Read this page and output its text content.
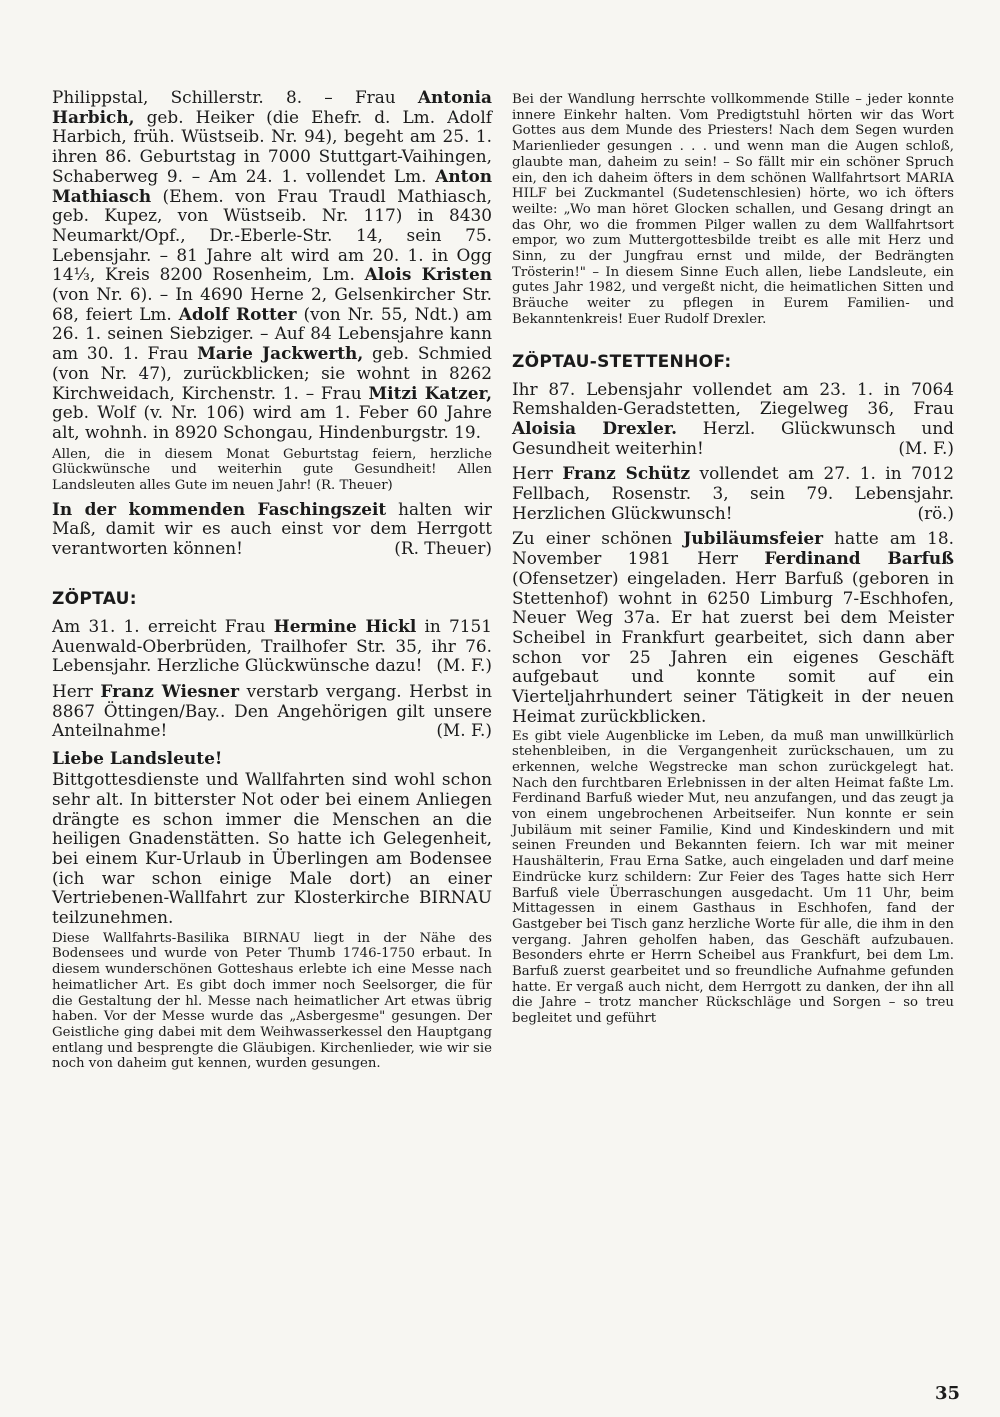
Philippstal, Schillerstr. 8. – Frau Antonia Harbich, geb. Heiker (die Ehefr. d. Lm. Adolf Harbich, früh. Wüstseib. Nr. 94), begeht am 25. 1. ihren 86. Geburtstag in 7000 Stuttgart-Vaihingen, Schaberweg 9. – Am 24. 1. vollendet Lm. Anton Mathiasch (Ehem. von Frau Traudl Mathiasch, geb. Kupez, von Wüstseib. Nr. 117) in 8430 Neumarkt/Opf., Dr.-Eberle-Str. 14, sein 75. Lebensjahr. – 81 Jahre alt wird am 20. 1. in Ogg 14⅓, Kreis 8200 Rosenheim, Lm. Alois Kristen (von Nr. 6). – In 4690 Herne 2, Gelsenkircher Str. 68, feiert Lm. Adolf Rotter (von Nr. 55, Ndt.) am 26. 1. seinen Siebziger. – Auf 84 Lebensjahre kann am 30. 1. Frau Marie Jackwerth, geb. Schmied (von Nr. 47), zurückblicken; sie wohnt in 8262 Kirchweidach, Kirchenstr. 1. – Frau Mitzi Katzer, geb. Wolf (v. Nr. 106) wird am 1. Feber 60 Jahre alt, wohnh. in 8920 Schongau, Hindenburgstr. 19.

Allen, die in diesem Monat Geburtstag feiern, herzliche Glückwünsche und weiterhin gute Gesundheit! Allen Landsleuten alles Gute im neuen Jahr! (R. Theuer)

In der kommenden Faschingszeit halten wir Maß, damit wir es auch einst vor dem Herrgott verantworten können!	(R. Theuer)

ZÖPTAU:

Am 31. 1. erreicht Frau Hermine Hickl in 7151 Auenwald-Oberbrüden, Trailhofer Str. 35, ihr 76. Lebensjahr. Herzliche Glückwünsche dazu! (M. F.)

Herr Franz Wiesner verstarb vergang. Herbst in 8867 Öttingen/Bay.. Den Angehörigen gilt unsere Anteilnahme!	(M. F.)

Liebe Landsleute!

Bittgottesdienste und Wallfahrten sind wohl schon sehr alt. In bitterster Not oder bei einem Anliegen drängte es schon immer die Menschen an die heiligen Gnadenstätten. So hatte ich Gelegenheit, bei einem Kur-Urlaub in Überlingen am Bodensee (ich war schon einige Male dort) an einer Vertriebenen-Wallfahrt zur Klosterkirche BIRNAU teilzunehmen.

Diese Wallfahrts-Basilika BIRNAU liegt in der Nähe des Bodensees und wurde von Peter Thumb 1746-1750 erbaut. In diesem wunderschönen Gotteshaus erlebte ich eine Messe nach heimatlicher Art. Es gibt doch immer noch Seelsorger, die für die Gestaltung der hl. Messe nach heimatlicher Art etwas übrig haben. Vor der Messe wurde das „Asbergesme" gesungen. Der Geistliche ging dabei mit dem Weihwasserkessel den Hauptgang entlang und besprengte die Gläubigen. Kirchenlieder, wie wir sie noch von daheim gut kennen, wurden gesungen.

Bei der Wandlung herrschte vollkommende Stille – jeder konnte innere Einkehr halten. Vom Predigtstuhl hörten wir das Wort Gottes aus dem Munde des Priesters! Nach dem Segen wurden Marienlieder gesungen . . . und wenn man die Augen schloß, glaubte man, daheim zu sein! – So fällt mir ein schöner Spruch ein, den ich daheim öfters in dem schönen Wallfahrtsort MARIA HILF bei Zuckmantel (Sudetenschlesien) hörte, wo ich öfters weilte: „Wo man höret Glocken schallen, und Gesang dringt an das Ohr, wo die frommen Pilger wallen zu dem Wallfahrtsort empor, wo zum Muttergottesbilde treibt es alle mit Herz und Sinn, zu der Jungfrau ernst und milde, der Bedrängten Trösterin!" – In diesem Sinne Euch allen, liebe Landsleute, ein gutes Jahr 1982, und vergeßt nicht, die heimatlichen Sitten und Bräuche weiter zu pflegen in Eurem Familien- und Bekanntenkreis! Euer Rudolf Drexler.

ZÖPTAU-STETTENHOF:

Ihr 87. Lebensjahr vollendet am 23. 1. in 7064 Remshalden-Geradstetten, Ziegelweg 36, Frau Aloisia Drexler. Herzl. Glückwunsch und Gesundheit weiterhin!	(M. F.)

Herr Franz Schütz vollendet am 27. 1. in 7012 Fellbach, Rosenstr. 3, sein 79. Lebensjahr. Herzlichen Glückwunsch!	(rö.)

Zu einer schönen Jubiläumsfeier hatte am 18. November 1981 Herr Ferdinand Barfuß (Ofensetzer) eingeladen. Herr Barfuß (geboren in Stettenhof) wohnt in 6250 Limburg 7-Eschhofen, Neuer Weg 37a. Er hat zuerst bei dem Meister Scheibel in Frankfurt gearbeitet, sich dann aber schon vor 25 Jahren ein eigenes Geschäft aufgebaut und konnte somit auf ein Vierteljahrhundert seiner Tätigkeit in der neuen Heimat zurückblicken.

Es gibt viele Augenblicke im Leben, da muß man unwillkürlich stehenbleiben, in die Vergangenheit zurückschauen, um zu erkennen, welche Wegstrecke man schon zurückgelegt hat. Nach den furchtbaren Erlebnissen in der alten Heimat faßte Lm. Ferdinand Barfuß wieder Mut, neu anzufangen, und das zeugt ja von einem ungebrochenen Arbeitseifer. Nun konnte er sein Jubiläum mit seiner Familie, Kind und Kindeskindern und mit seinen Freunden und Bekannten feiern. Ich war mit meiner Haushälterin, Frau Erna Satke, auch eingeladen und darf meine Eindrücke kurz schildern: Zur Feier des Tages hatte sich Herr Barfuß viele Überraschungen ausgedacht. Um 11 Uhr, beim Mittagessen in einem Gasthaus in Eschhofen, fand der Gastgeber bei Tisch ganz herzliche Worte für alle, die ihm in den vergang. Jahren geholfen haben, das Geschäft aufzubauen. Besonders ehrte er Herrn Scheibel aus Frankfurt, bei dem Lm. Barfuß zuerst gearbeitet und so freundliche Aufnahme gefunden hatte. Er vergaß auch nicht, dem Herrgott zu danken, der ihn all die Jahre – trotz mancher Rückschläge und Sorgen – so treu begleitet und geführt

35
